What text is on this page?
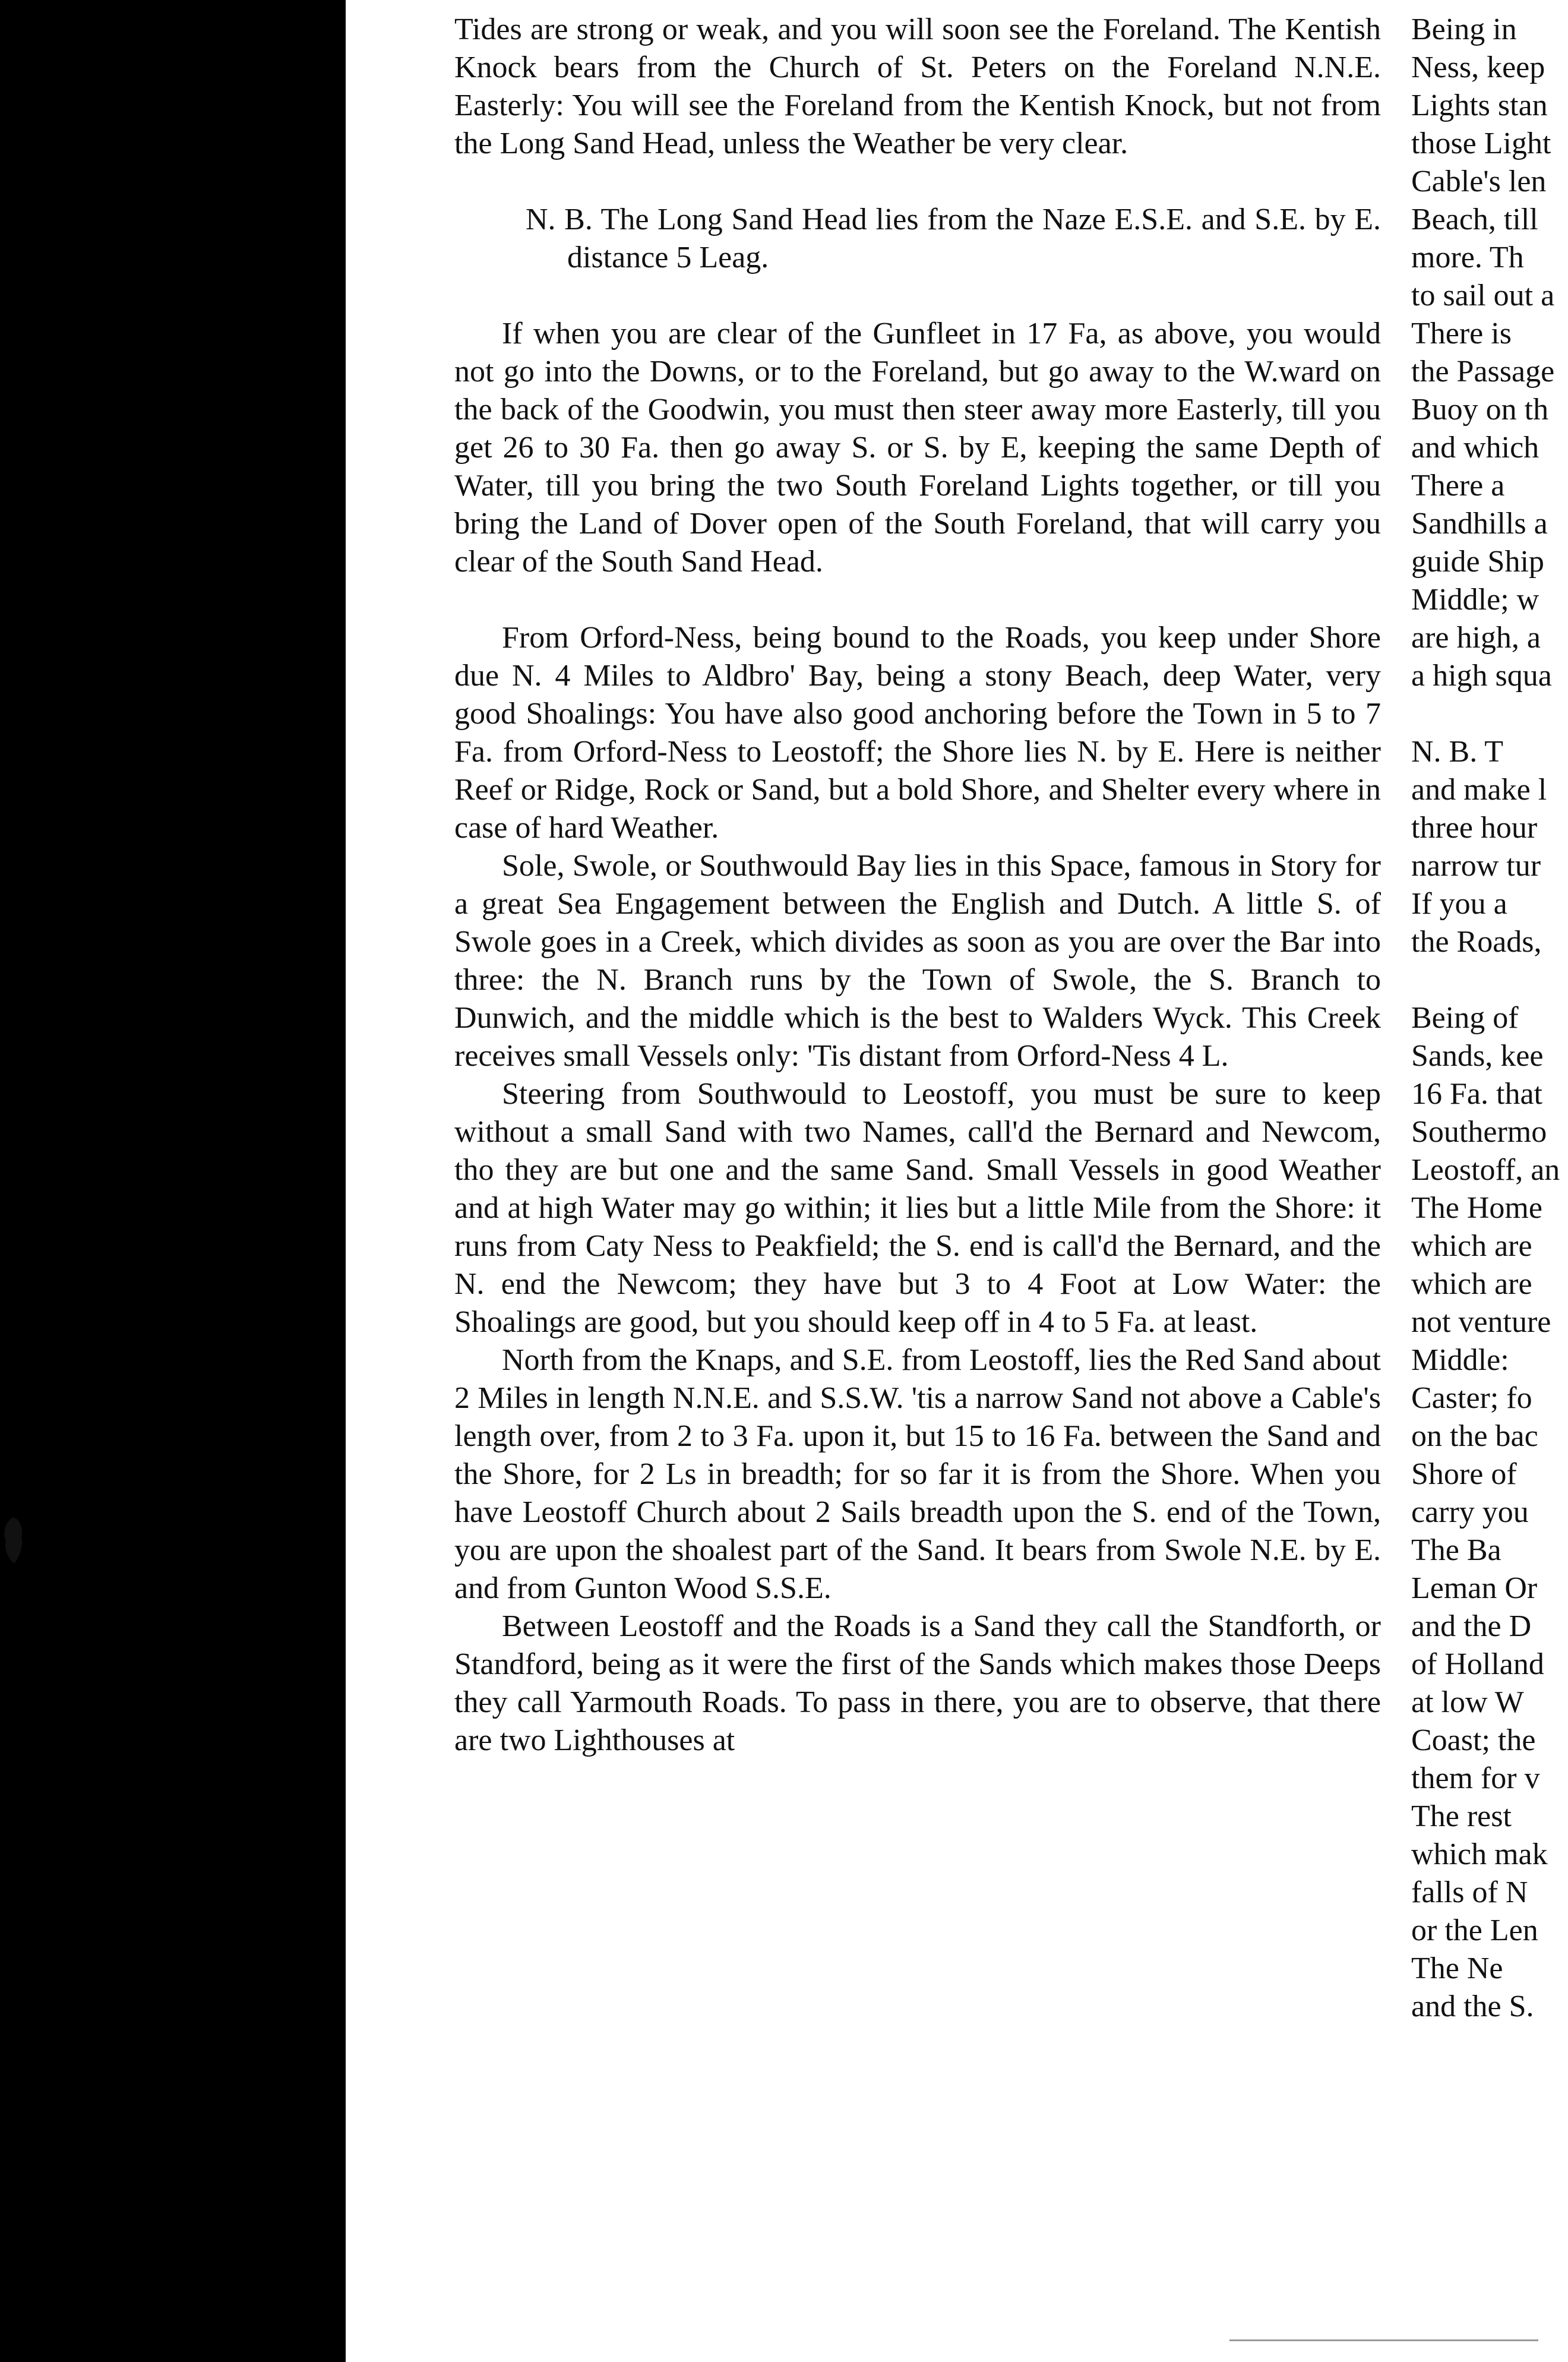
Tides are strong or weak, and you will soon see the Foreland. The Kentish Knock bears from the Church of St. Peters on the Foreland N.N.E. Easterly: You will see the Foreland from the Kentish Knock, but not from the Long Sand Head, unless the Weather be very clear.

N. B. The Long Sand Head lies from the Naze E.S.E. and S.E. by E. distance 5 Leag.

If when you are clear of the Gunfleet in 17 Fa, as above, you would not go into the Downs, or to the Foreland, but go away to the W.ward on the back of the Goodwin, you must then steer away more Easterly, till you get 26 to 30 Fa. then go away S. or S. by E, keeping the same Depth of Water, till you bring the two South Foreland Lights together, or till you bring the Land of Dover open of the South Foreland, that will carry you clear of the South Sand Head.

From Orford-Ness, being bound to the Roads, you keep under Shore due N. 4 Miles to Aldbro' Bay, being a stony Beach, deep Water, very good Shoalings: You have also good anchoring before the Town in 5 to 7 Fa. from Orford-Ness to Leostoff; the Shore lies N. by E. Here is neither Reef or Ridge, Rock or Sand, but a bold Shore, and Shelter every where in case of hard Weather.

Sole, Swole, or Southwould Bay lies in this Space, famous in Story for a great Sea Engagement between the English and Dutch. A little S. of Swole goes in a Creek, which divides as soon as you are over the Bar into three: the N. Branch runs by the Town of Swole, the S. Branch to Dunwich, and the middle which is the best to Walders Wyck. This Creek receives small Vessels only: 'Tis distant from Orford-Ness 4 L.

Steering from Southwould to Leostoff, you must be sure to keep without a small Sand with two Names, call'd the Bernard and Newcom, tho they are but one and the same Sand. Small Vessels in good Weather and at high Water may go within; it lies but a little Mile from the Shore: it runs from Caty Ness to Peakfield; the S. end is call'd the Bernard, and the N. end the Newcom; they have but 3 to 4 Foot at Low Water: the Shoalings are good, but you should keep off in 4 to 5 Fa. at least.

North from the Knaps, and S.E. from Leostoff, lies the Red Sand about 2 Miles in length N.N.E. and S.S.W. 'tis a narrow Sand not above a Cable's length over, from 2 to 3 Fa. upon it, but 15 to 16 Fa. between the Sand and the Shore, for 2 Ls in breadth; for so far it is from the Shore. When you have Leostoff Church about 2 Sails breadth upon the S. end of the Town, you are upon the shoalest part of the Sand. It bears from Swole N.E. by E. and from Gunton Wood S.S.E.

Between Leostoff and the Roads is a Sand they call the Standforth, or Standford, being as it were the first of the Sands which makes those Deeps they call Yarmouth Roads. To pass in there, you are to observe, that there are two Lighthouses at

Being in
Ness, keep
Lights stan
those Light
Cable's len
Beach, till
more. Th
to sail out a
There is
the Passage
Buoy on th
and which
There a
Sandhills a
guide Ship
Middle; w
are high, a
a high squa
N. B. T
and make l
three hour
narrow tur
If you a
the Roads,
Being of
Sands, kee
16 Fa. that
Southermo
Leostoff, an
The Home
which are
which are
not venture
Middle:
Caster; fo
on the bac
Shore of
carry you
The Ba
Leman Or
and the D
of Holland
at low W
Coast; the
them for v
The rest
which mak
falls of N
or the Len
The Ne
and the S.
